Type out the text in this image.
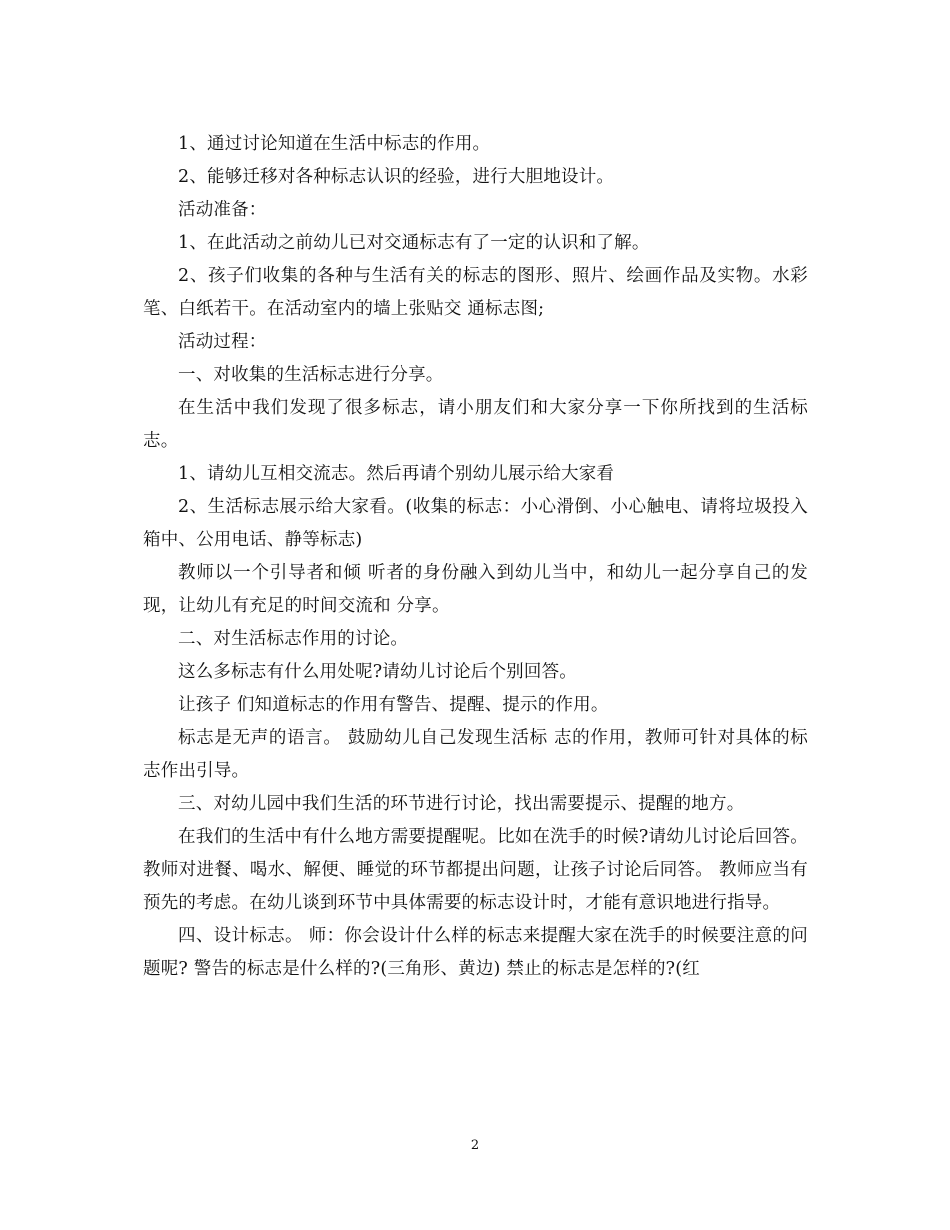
1、通过讨论知道在生活中标志的作用。

2、能够迁移对各种标志认识的经验，进行大胆地设计。

活动准备：

1、在此活动之前幼儿已对交通标志有了一定的认识和了解。

2、孩子们收集的各种与生活有关的标志的图形、照片、绘画作品及实物。水彩笔、白纸若干。在活动室内的墙上张贴交 通标志图;

活动过程：

一、对收集的生活标志进行分享。

在生活中我们发现了很多标志，请小朋友们和大家分享一下你所找到的生活标志。

1、请幼儿互相交流志。然后再请个别幼儿展示给大家看

2、生活标志展示给大家看。(收集的标志：小心滑倒、小心触电、请将垃圾投入箱中、公用电话、静等标志)

教师以一个引导者和倾 听者的身份融入到幼儿当中，和幼儿一起分享自己的发现，让幼儿有充足的时间交流和 分享。

二、对生活标志作用的讨论。

这么多标志有什么用处呢?请幼儿讨论后个别回答。

让孩子 们知道标志的作用有警告、提醒、提示的作用。

标志是无声的语言。 鼓励幼儿自己发现生活标 志的作用，教师可针对具体的标志作出引导。

三、对幼儿园中我们生活的环节进行讨论，找出需要提示、提醒的地方。

在我们的生活中有什么地方需要提醒呢。比如在洗手的时候?请幼儿讨论后回答。教师对进餐、喝水、解便、睡觉的环节都提出问题，让孩子讨论后同答。 教师应当有预先的考虑。在幼儿谈到环节中具体需要的标志设计时，才能有意识地进行指导。

四、设计标志。 师：你会设计什么样的标志来提醒大家在洗手的时候要注意的问题呢? 警告的标志是什么样的?(三角形、黄边) 禁止的标志是怎样的?(红

2
